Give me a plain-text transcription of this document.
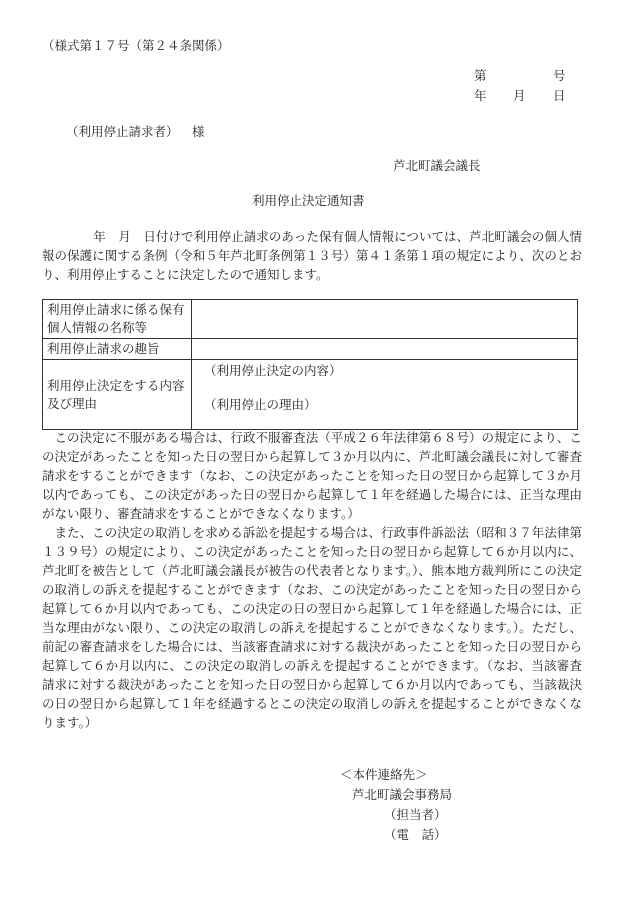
（様式第１７号（第２４条関係）
第	号
年 月 日
（利用停止請求者） 様
芦北町議会議長
利用停止決定通知書

年　月　日付けで利用停止請求のあった保有個人情報については、芦北町議会の個人情報の保護に関する条例（令和５年芦北町条例第１３号）第４１条第１項の規定により、次のとおり、利用停止することに決定したので通知します。

利用停止請求に係る保有個人情報の名称等	
利用停止請求の趣旨	
利用停止決定をする内容及び理由	（利用停止決定の内容）
（利用停止の理由）

この決定に不服がある場合は、行政不服審査法（平成２６年法律第６８号）の規定により、この決定があったことを知った日の翌日から起算して３か月以内に、芦北町議会議長に対して審査請求をすることができます（なお、この決定があったことを知った日の翌日から起算して３か月以内であっても、この決定があった日の翌日から起算して１年を経過した場合には、正当な理由がない限り、審査請求をすることができなくなります。）

また、この決定の取消しを求める訴訟を提起する場合は、行政事件訴訟法（昭和３７年法律第１３９号）の規定により、この決定があったことを知った日の翌日から起算して６か月以内に、芦北町を被告として（芦北町議会議長が被告の代表者となります。）、熊本地方裁判所にこの決定の取消しの訴えを提起することができます（なお、この決定があったことを知った日の翌日から起算して６か月以内であっても、この決定の日の翌日から起算して１年を経過した場合には、正当な理由がない限り、この決定の取消しの訴えを提起することができなくなります。）。ただし、前記の審査請求をした場合には、当該審査請求に対する裁決があったことを知った日の翌日から起算して６か月以内に、この決定の取消しの訴えを提起することができます。（なお、当該審査請求に対する裁決があったことを知った日の翌日から起算して６か月以内であっても、当該裁決の日の翌日から起算して１年を経過するとこの決定の取消しの訴えを提起することができなくなります。）

＜本件連絡先＞
芦北町議会事務局
（担当者）
（電　話）
